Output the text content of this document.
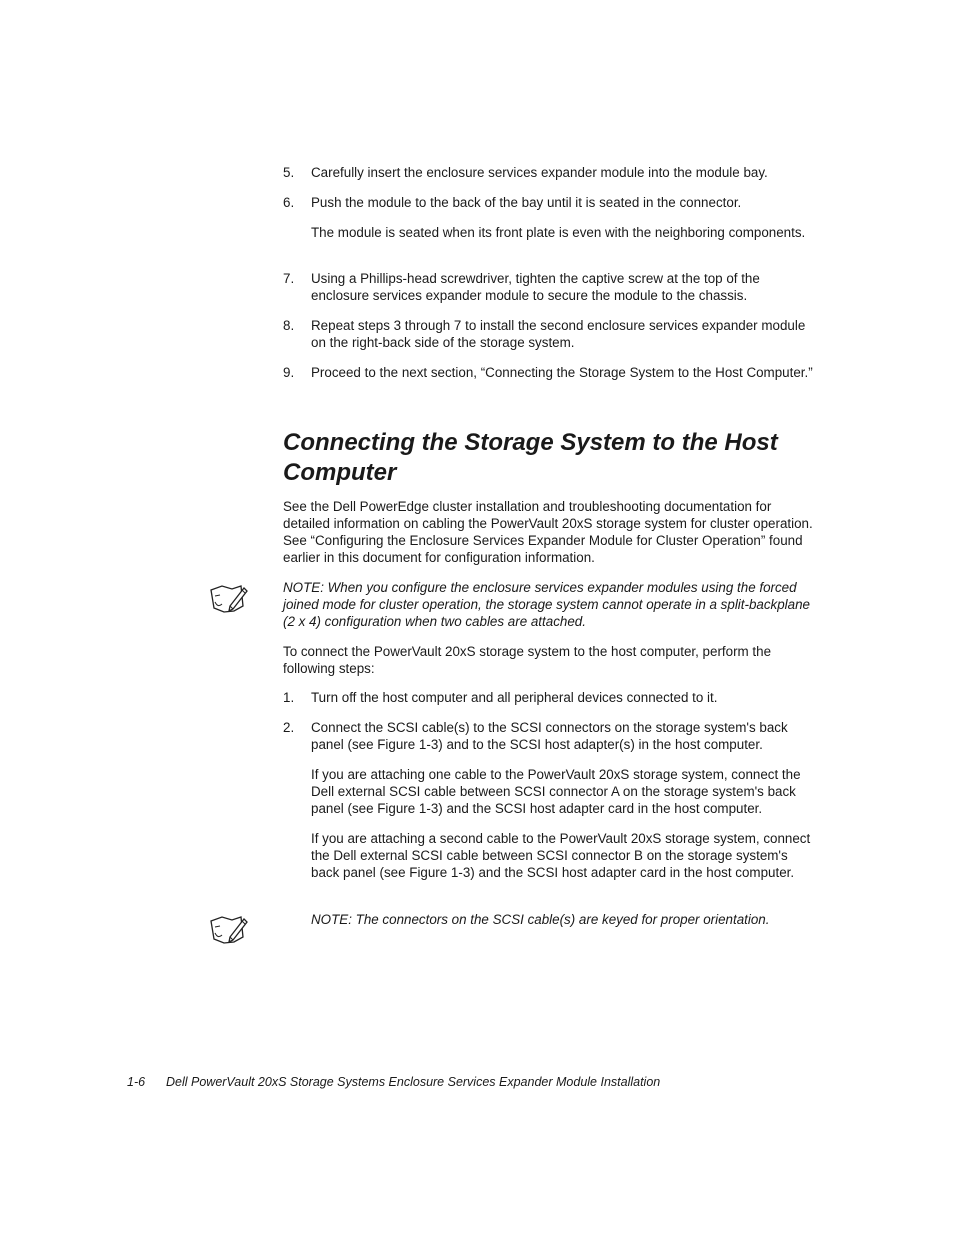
5. Carefully insert the enclosure services expander module into the module bay.
6. Push the module to the back of the bay until it is seated in the connector.
The module is seated when its front plate is even with the neighboring components.
7. Using a Phillips-head screwdriver, tighten the captive screw at the top of the enclosure services expander module to secure the module to the chassis.
8. Repeat steps 3 through 7 to install the second enclosure services expander module on the right-back side of the storage system.
9. Proceed to the next section, “Connecting the Storage System to the Host Computer.”
Connecting the Storage System to the Host Computer
See the Dell PowerEdge cluster installation and troubleshooting documentation for detailed information on cabling the PowerVault 20xS storage system for cluster operation. See “Configuring the Enclosure Services Expander Module for Cluster Operation” found earlier in this document for configuration information.
NOTE: When you configure the enclosure services expander modules using the forced joined mode for cluster operation, the storage system cannot operate in a split-backplane (2 x 4) configuration when two cables are attached.
To connect the PowerVault 20xS storage system to the host computer, perform the following steps:
1. Turn off the host computer and all peripheral devices connected to it.
2. Connect the SCSI cable(s) to the SCSI connectors on the storage system's back panel (see Figure 1-3) and to the SCSI host adapter(s) in the host computer.
If you are attaching one cable to the PowerVault 20xS storage system, connect the Dell external SCSI cable between SCSI connector A on the storage system's back panel (see Figure 1-3) and the SCSI host adapter card in the host computer.
If you are attaching a second cable to the PowerVault 20xS storage system, connect the Dell external SCSI cable between SCSI connector B on the storage system's back panel (see Figure 1-3) and the SCSI host adapter card in the host computer.
NOTE: The connectors on the SCSI cable(s) are keyed for proper orientation.
1-6 Dell PowerVault 20xS Storage Systems Enclosure Services Expander Module Installation
